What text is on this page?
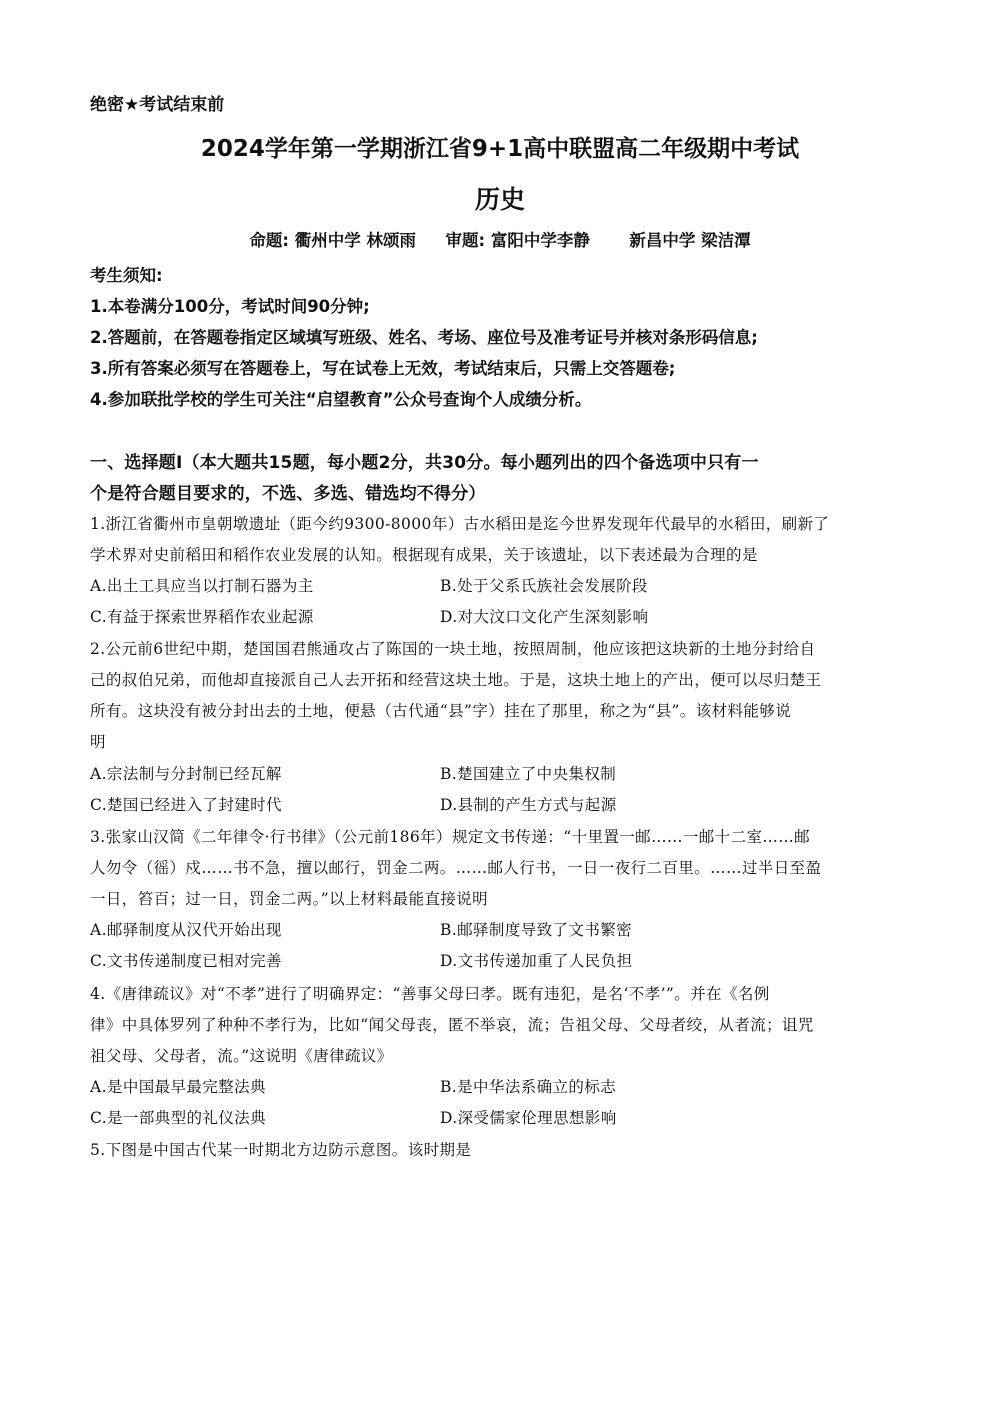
绝密★考试结束前
2024学年第一学期浙江省9+1高中联盟高二年级期中考试
历史
命题: 衢州中学 林颂雨 审题: 富阳中学李静 新昌中学 梁洁潭
考生须知:
1.本卷满分100分，考试时间90分钟;
2.答题前，在答题卷指定区域填写班级、姓名、考场、座位号及准考证号并核对条形码信息;
3.所有答案必须写在答题卷上，写在试卷上无效，考试结束后，只需上交答题卷;
4.参加联批学校的学生可关注“启望教育”公众号查询个人成绩分析。
一、选择题Ⅰ（本大题共15题，每小题2分，共30分。每小题列出的四个备选项中只有一
个是符合题目要求的，不选、多选、错选均不得分）
1.浙江省衢州市皇朝墩遗址（距今约9300-8000年）古水稻田是迄今世界发现年代最早的水稻田，刷新了
学术界对史前稻田和稻作农业发展的认知。根据现有成果，关于该遗址，以下表述最为合理的是
A.出土工具应当以打制石器为主	B.处于父系氏族社会发展阶段
C.有益于探索世界稻作农业起源	D.对大汶口文化产生深刻影响
2.公元前6世纪中期，楚国国君熊通攻占了陈国的一块土地，按照周制，他应该把这块新的土地分封给自
己的叔伯兄弟，而他却直接派自己人去开拓和经营这块土地。于是，这块土地上的产出，便可以尽归楚王
所有。这块没有被分封出去的土地，便悬（古代通“县”字）挂在了那里，称之为“县”。该材料能够说
明
A.宗法制与分封制已经瓦解	B.楚国建立了中央集权制
C.楚国已经进入了封建时代	D.县制的产生方式与起源
3.张家山汉简《二年律令·行书律》（公元前186年）规定文书传递：“十里置一邮……一邮十二室……邮
人勿令（徭）戍……书不急，擅以邮行，罚金二两。……邮人行书，一日一夜行二百里。……过半日至盈
一日，笞百；过一日，罚金二两。”以上材料最能直接说明
A.邮驿制度从汉代开始出现	B.邮驿制度导致了文书繁密
C.文书传递制度已相对完善	D.文书传递加重了人民负担
4.《唐律疏议》对“不孝”进行了明确界定：“善事父母曰孝。既有违犯，是名‘不孝’”。并在《名例
律》中具体罗列了种种不孝行为，比如“闻父母丧，匿不举哀，流；告祖父母、父母者绞，从者流；诅咒
祖父母、父母者，流。”这说明《唐律疏议》
A.是中国最早最完整法典	B.是中华法系确立的标志
C.是一部典型的礼仪法典	D.深受儒家伦理思想影响
5.下图是中国古代某一时期北方边防示意图。该时期是
